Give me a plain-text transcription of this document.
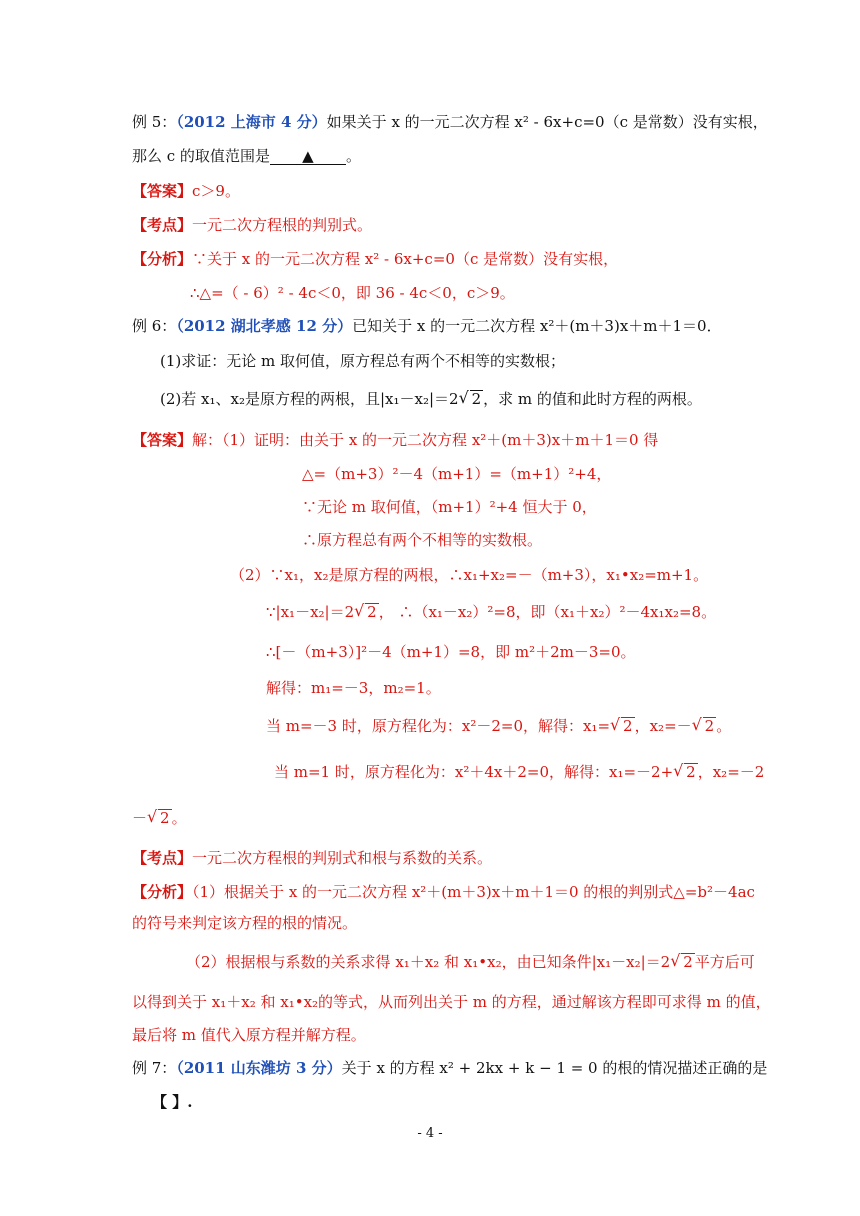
例 5：（2012 上海市 4 分）如果关于 x 的一元二次方程 x² - 6x+c=0（c 是常数）没有实根，
那么 c 的取值范围是 ▲ 。
【答案】c＞9。
【考点】一元二次方程根的判别式。
【分析】∵关于 x 的一元二次方程 x² - 6x+c=0（c 是常数）没有实根，
∴△=（ - 6）² - 4c＜0，即 36 - 4c＜0，c＞9。
例 6：（2012 湖北孝感 12 分）已知关于 x 的一元二次方程 x²＋(m＋3)x＋m＋1＝0．
(1)求证：无论 m 取何值，原方程总有两个不相等的实数根；
(2)若 x₁、x₂是原方程的两根，且|x₁－x₂|＝2 √ 2 ，求 m 的值和此时方程的两根。
【答案】解：（1）证明：由关于 x 的一元二次方程 x²＋(m＋3)x＋m＋1＝0 得
△=（m+3）²－4（m+1）=（m+1）²+4，
∵无论 m 取何值，（m+1）²+4 恒大于 0，
∴原方程总有两个不相等的实数根。
（2）∵x₁，x₂是原方程的两根，∴x₁+x₂=－（m+3），x₁•x₂=m+1。
∵|x₁－x₂|＝2 √ 2 ， ∴（x₁－x₂）²=8，即（x₁＋x₂）²－4x₁x₂=8。
∴[－（m+3）]²－4（m+1）=8，即 m²＋2m－3=0。
解得：m₁=－3，m₂=1。
当 m=－3 时，原方程化为：x²－2=0，解得：x₁= √ 2 ，x₂=－ √ 2 。
当 m=1 时，原方程化为：x²＋4x＋2=0，解得：x₁=－2+ √ 2 ，x₂=－2
－ √ 2 。
【考点】一元二次方程根的判别式和根与系数的关系。
【分析】（1）根据关于 x 的一元二次方程 x²＋(m＋3)x＋m＋1＝0 的根的判别式△=b²－4ac
的符号来判定该方程的根的情况。
（2）根据根与系数的关系求得 x₁＋x₂ 和 x₁•x₂，由已知条件|x₁－x₂|＝2 √ 2 平方后可
以得到关于 x₁＋x₂ 和 x₁•x₂的等式，从而列出关于 m 的方程，通过解该方程即可求得 m 的值，
最后将 m 值代入原方程并解方程。
例 7：（2011 山东潍坊 3 分）关于 x 的方程 x² + 2kx + k − 1 = 0 的根的情况描述正确的是
【 】.
- 4 -
